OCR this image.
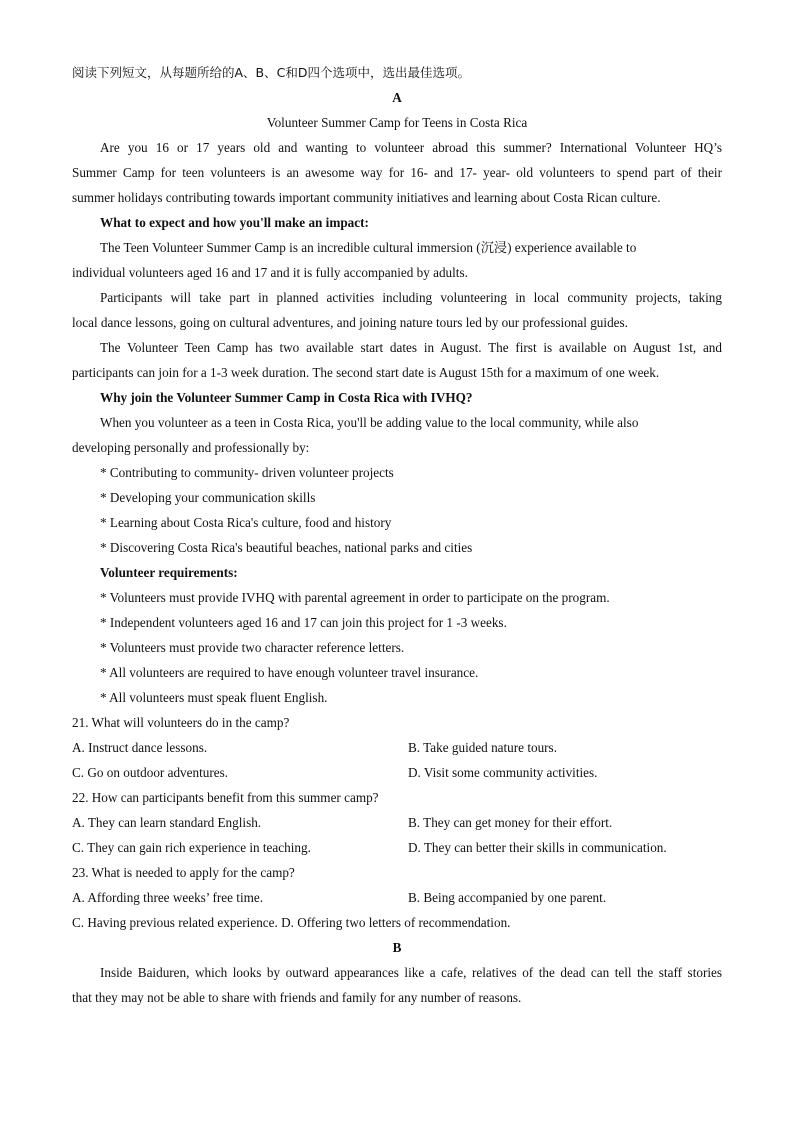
阅读下列短文，从每题所给的A、B、C和D四个选项中，选出最佳选项。
A
Volunteer Summer Camp for Teens in Costa Rica
Are you 16 or 17 years old and wanting to volunteer abroad this summer? International Volunteer HQ’s
Summer Camp for teen volunteers is an awesome way for 16- and 17- year- old volunteers to spend part of their
summer holidays contributing towards important community initiatives and learning about Costa Rican culture.
What to expect and how you'll make an impact:
The Teen Volunteer Summer Camp is an incredible cultural immersion (沉浸) experience available to
individual volunteers aged 16 and 17 and it is fully accompanied by adults.
Participants will take part in planned activities including volunteering in local community projects, taking
local dance lessons, going on cultural adventures, and joining nature tours led by our professional guides.
The Volunteer Teen Camp has two available start dates in August. The first is available on August 1st, and
participants can join for a 1-3 week duration. The second start date is August 15th for a maximum of one week.
Why join the Volunteer Summer Camp in Costa Rica with IVHQ?
When you volunteer as a teen in Costa Rica, you'll be adding value to the local community, while also
developing personally and professionally by:
* Contributing to community- driven volunteer projects
* Developing your communication skills
* Learning about Costa Rica's culture, food and history
* Discovering Costa Rica's beautiful beaches, national parks and cities
Volunteer requirements:
* Volunteers must provide IVHQ with parental agreement in order to participate on the program.
* Independent volunteers aged 16 and 17 can join this project for 1 -3 weeks.
* Volunteers must provide two character reference letters.
* All volunteers are required to have enough volunteer travel insurance.
* All volunteers must speak fluent English.
21. What will volunteers do in the camp?
A. Instruct dance lessons.	B. Take guided nature tours.
C. Go on outdoor adventures.	D. Visit some community activities.
22. How can participants benefit from this summer camp?
A. They can learn standard English.	B. They can get money for their effort.
C. They can gain rich experience in teaching.	D. They can better their skills in communication.
23. What is needed to apply for the camp?
A. Affording three weeks’ free time.	B. Being accompanied by one parent.
C. Having previous related experience. D. Offering two letters of recommendation.
B
Inside Baiduren, which looks by outward appearances like a cafe, relatives of the dead can tell the staff stories
that they may not be able to share with friends and family for any number of reasons.
